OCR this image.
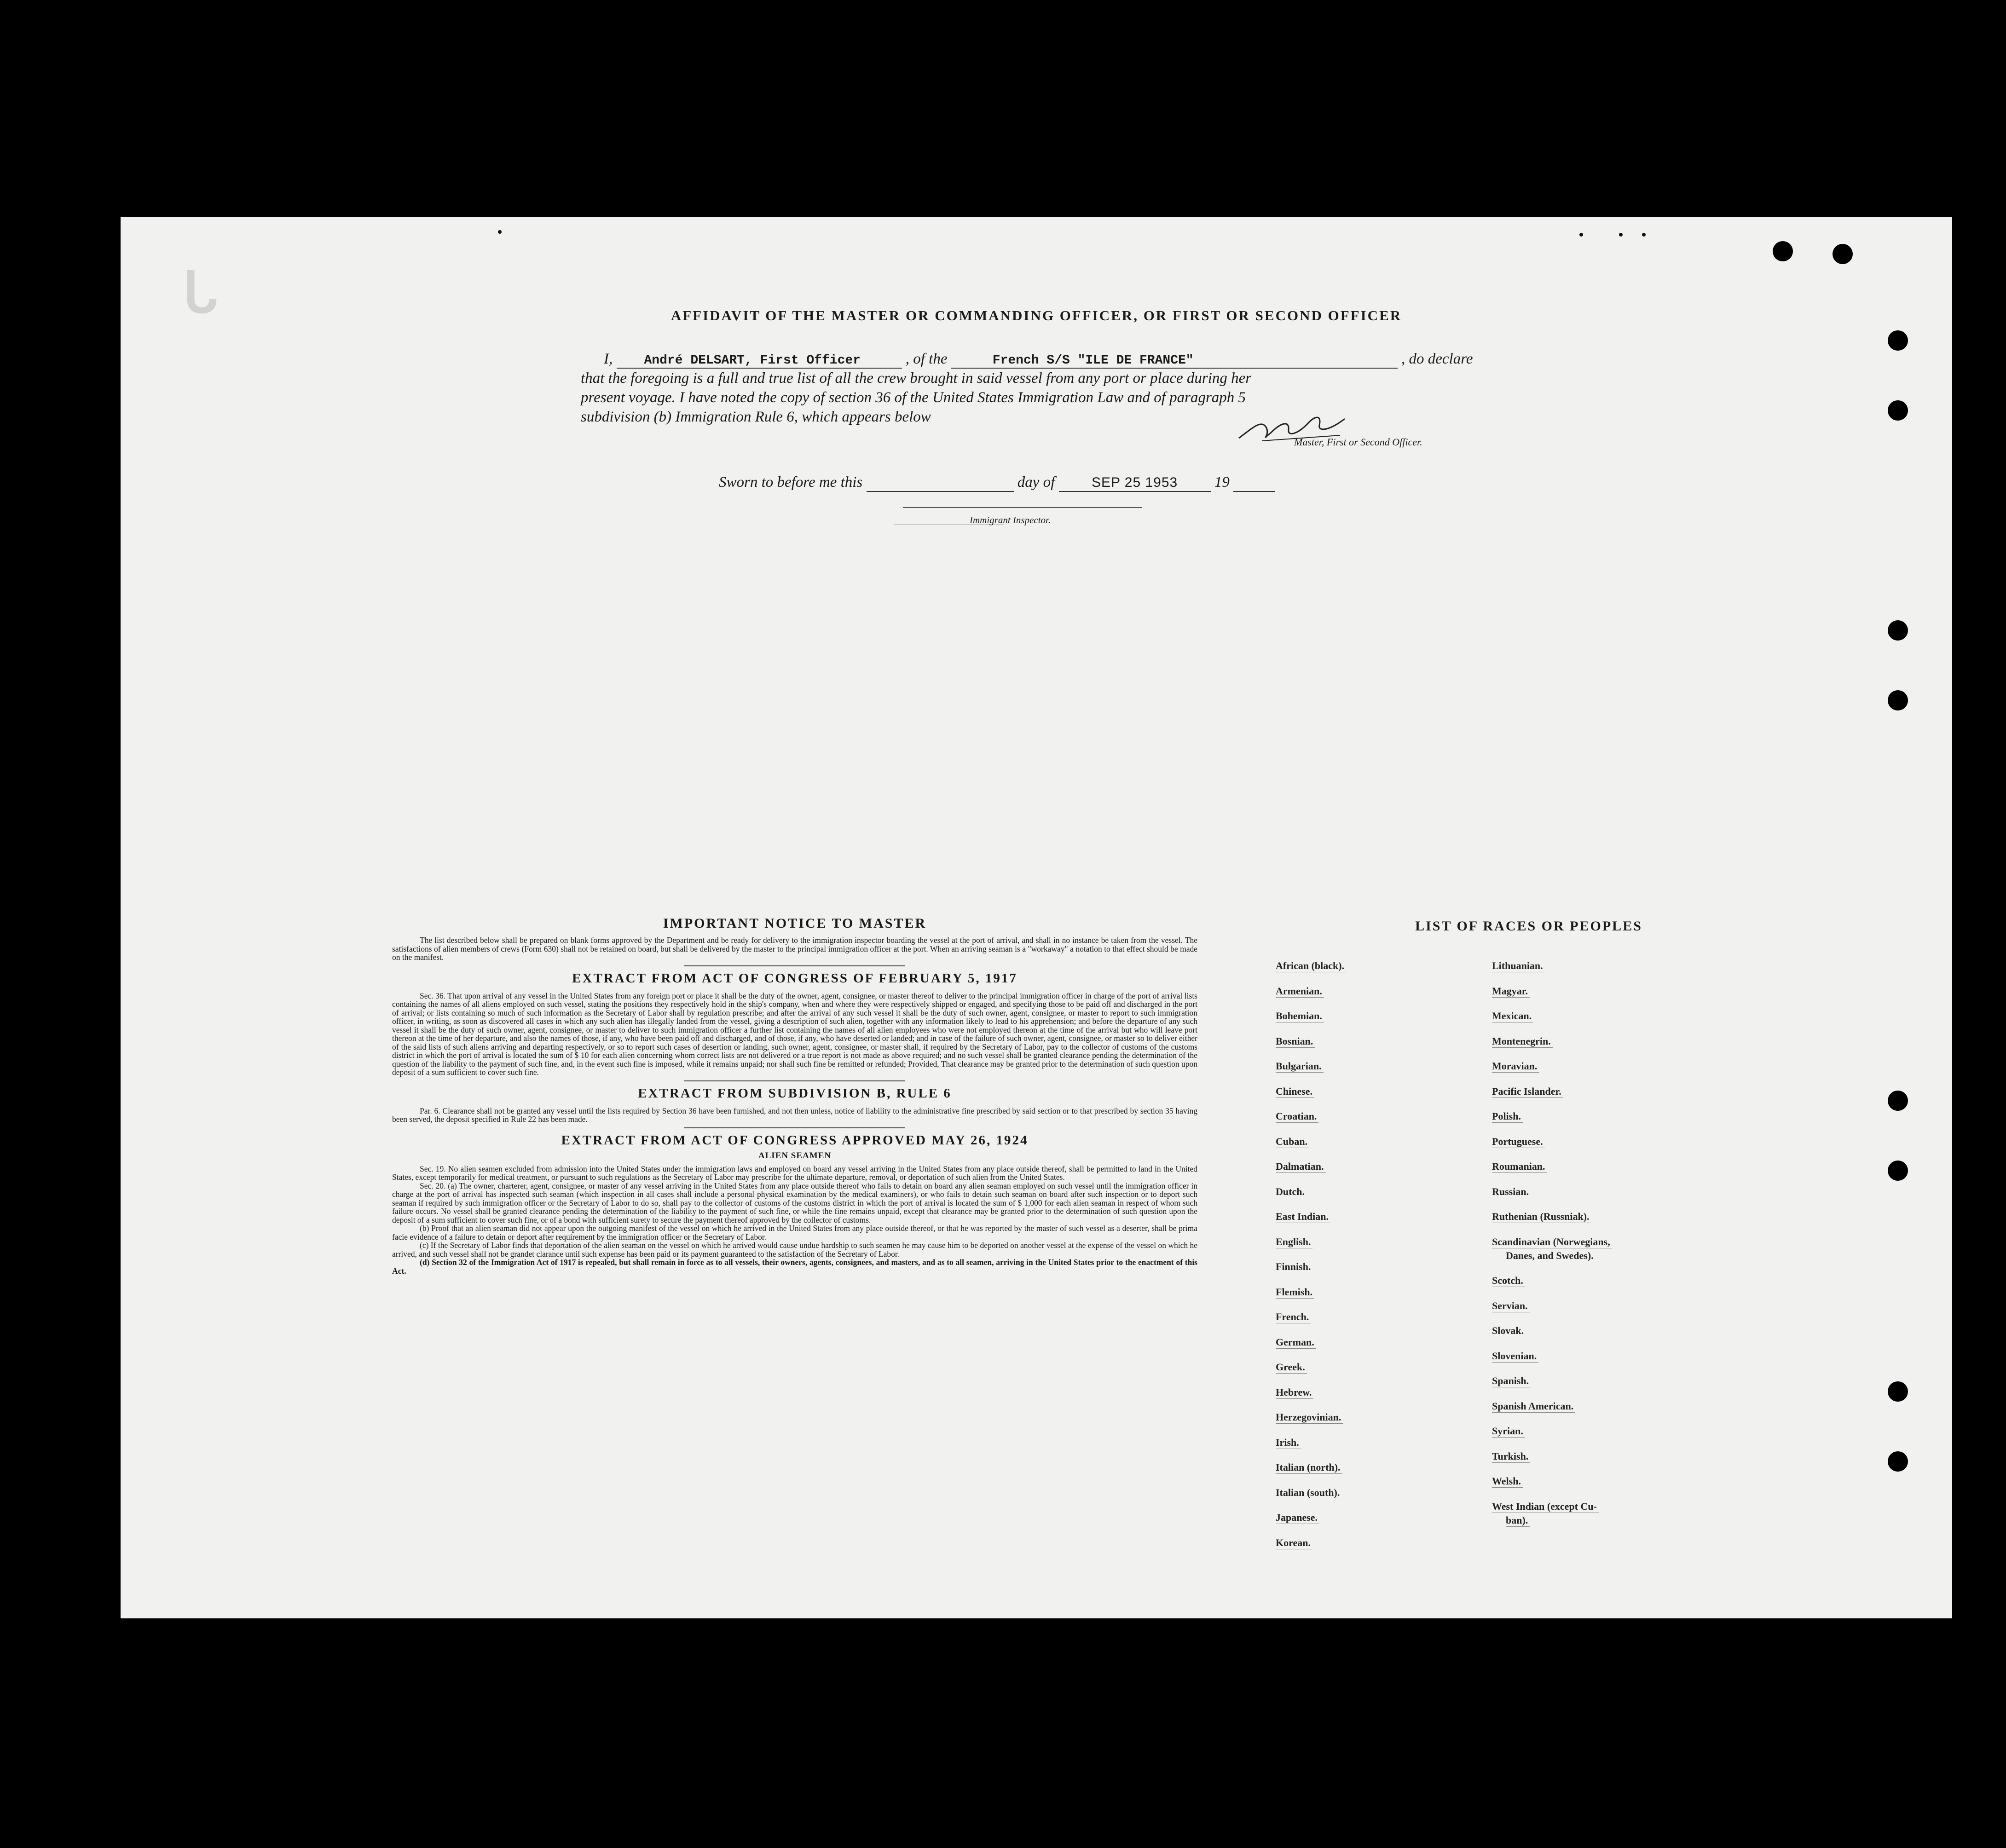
ᒐ	AFFIDAVIT OF THE MASTER OR COMMANDING OFFICER, OR FIRST OR SECOND OFFICER
I, André DELSART, First Officer	, of the	French S/S "ILE DE FRANCE"	, do declare
that the foregoing is a full and true list of all the crew brought in said vessel from any port or place during her
present voyage. I have noted the copy of section 36 of the United States Immigration Law and of paragraph 5
subdivision (b) Immigration Rule 6, which appears below
Master, First or Second Officer.
Sworn to before me this	day of	SEP 25 1953 19
Immigrant Inspector.
IMPORTANT NOTICE TO MASTER

The list described below shall be prepared on blank forms approved by the Department and be ready for delivery to the immigration inspector boarding the vessel at the port of arrival, and shall in no instance be taken from the vessel. The satisfactions of alien members of crews (Form 630) shall not be retained on board, but shall be delivered by the master to the principal immigration officer at the port. When an arriving seaman is a "workaway" a notation to that effect should be made on the manifest.

EXTRACT FROM ACT OF CONGRESS OF FEBRUARY 5, 1917

Sec. 36. That upon arrival of any vessel in the United States from any foreign port or place it shall be the duty of the owner, agent, consignee, or master thereof to deliver to the principal immigration officer in charge of the port of arrival lists containing the names of all aliens employed on such vessel, stating the positions they respectively hold in the ship's company, when and where they were respectively shipped or engaged, and specifying those to be paid off and discharged in the port of arrival; or lists containing so much of such information as the Secretary of Labor shall by regulation prescribe; and after the arrival of any such vessel it shall be the duty of such owner, agent, consignee, or master to report to such immigration officer, in writing, as soon as discovered all cases in which any such alien has illegally landed from the vessel, giving a description of such alien, together with any information likely to lead to his apprehension; and before the departure of any such vessel it shall be the duty of such owner, agent, consignee, or master to deliver to such immigration officer a further list containing the names of all alien employees who were not employed thereon at the time of the arrival but who will leave port thereon at the time of her departure, and also the names of those, if any, who have been paid off and discharged, and of those, if any, who have deserted or landed; and in case of the failure of such owner, agent, consignee, or master so to deliver either of the said lists of such aliens arriving and departing respectively, or so to report such cases of desertion or landing, such owner, agent, consignee, or master shall, if required by the Secretary of Labor, pay to the collector of customs of the customs district in which the port of arrival is located the sum of $ 10 for each alien concerning whom correct lists are not delivered or a true report is not made as above required; and no such vessel shall be granted clearance pending the determination of the question of the liability to the payment of such fine, and, in the event such fine is imposed, while it remains unpaid; nor shall such fine be remitted or refunded; Provided, That clearance may be granted prior to the determination of such question upon deposit of a sum sufficient to cover such fine.

EXTRACT FROM SUBDIVISION B, RULE 6

Par. 6. Clearance shall not be granted any vessel until the lists required by Section 36 have been furnished, and not then unless, notice of liability to the administrative fine prescribed by said section or to that prescribed by section 35 having been served, the deposit specified in Rule 22 has been made.

EXTRACT FROM ACT OF CONGRESS APPROVED MAY 26, 1924
ALIEN SEAMEN

Sec. 19. No alien seamen excluded from admission into the United States under the immigration laws and employed on board any vessel arriving in the United States from any place outside thereof, shall be permitted to land in the United States, except temporarily for medical treatment, or pursuant to such regulations as the Secretary of Labor may prescribe for the ultimate departure, removal, or deportation of such alien from the United States.

Sec. 20. (a) The owner, charterer, agent, consignee, or master of any vessel arriving in the United States from any place outside thereof who fails to detain on board any alien seaman employed on such vessel until the immigration officer in charge at the port of arrival has inspected such seaman (which inspection in all cases shall include a personal physical examination by the medical examiners), or who fails to detain such seaman on board after such inspection or to deport such seaman if required by such immigration officer or the Secretary of Labor to do so, shall pay to the collector of customs of the customs district in which the port of arrival is located the sum of $ 1,000 for each alien seaman in respect of whom such failure occurs. No vessel shall be granted clearance pending the determination of the liability to the payment of such fine, or while the fine remains unpaid, except that clearance may be granted prior to the determination of such question upon the deposit of a sum sufficient to cover such fine, or of a bond with sufficient surety to secure the payment thereof approved by the collector of customs.

(b) Proof that an alien seaman did not appear upon the outgoing manifest of the vessel on which he arrived in the United States from any place outside thereof, or that he was reported by the master of such vessel as a deserter, shall be prima facie evidence of a failure to detain or deport after requirement by the immigration officer or the Secretary of Labor.

(c) If the Secretary of Labor finds that deportation of the alien seaman on the vessel on which he arrived would cause undue hardship to such seamen he may cause him to be deported on another vessel at the expense of the vessel on which he arrived, and such vessel shall not be grandet clarance until such expense has been paid or its payment guaranteed to the satisfaction of the Secretary of Labor.

(d) Section 32 of the Immigration Act of 1917 is repealed, but shall remain in force as to all vessels, their owners, agents, consignees, and masters, and as to all seamen, arriving in the United States prior to the enactment of this Act.

LIST OF RACES OR PEOPLES
African (black).
Armenian.
Bohemian.
Bosnian.
Bulgarian.
Chinese.
Croatian.
Cuban.
Dalmatian.
Dutch.
East Indian.
English.
Finnish.
Flemish.
French.
German.
Greek.
Hebrew.
Herzegovinian.
Irish.
Italian (north).
Italian (south).
Japanese.
Korean.
Lithuanian.
Magyar.
Mexican.
Montenegrin.
Moravian.
Pacific Islander.
Polish.
Portuguese.
Roumanian.
Russian.
Ruthenian (Russniak).
Scandinavian (Norwegians,
Danes, and Swedes).
Scotch.
Servian.
Slovak.
Slovenian.
Spanish.
Spanish American.
Syrian.
Turkish.
Welsh.
West Indian (except Cu-
ban).
